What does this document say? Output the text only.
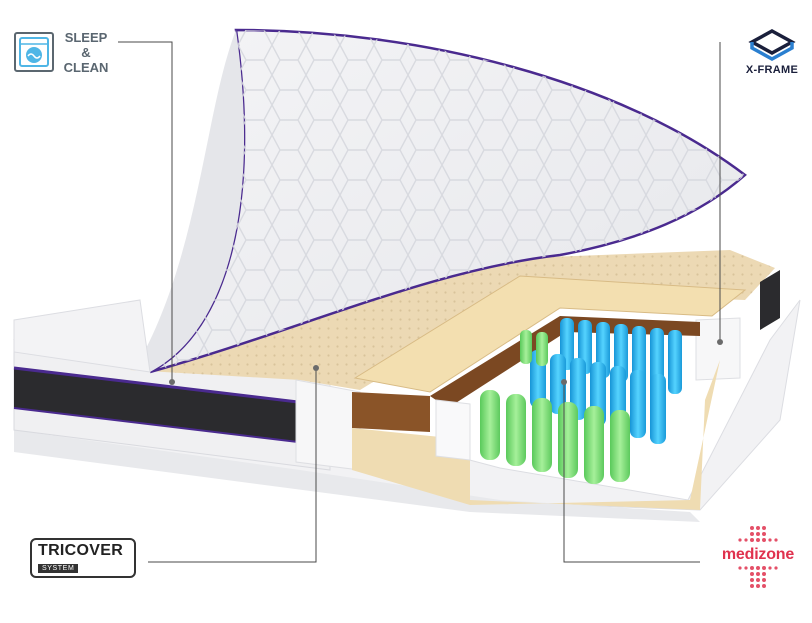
SLEEP
&
CLEAN	X-FRAME
TRICOVER
SYSTEM
medizone
